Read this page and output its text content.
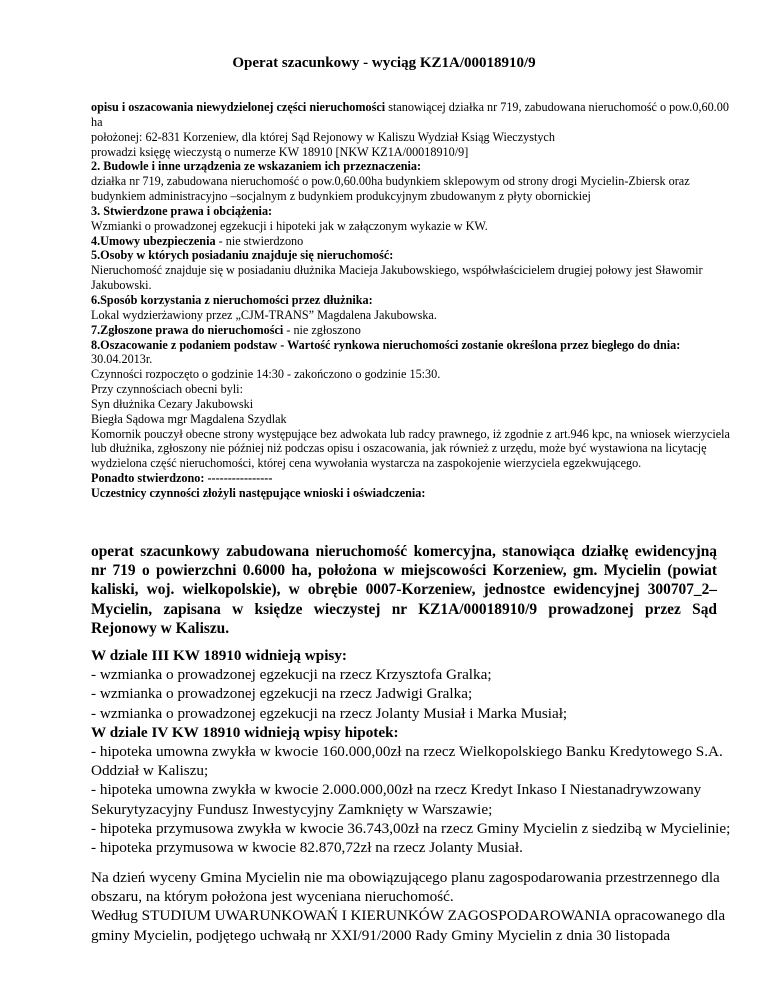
Operat szacunkowy - wyciąg KZ1A/00018910/9

opisu i oszacowania niewydzielonej części nieruchomości stanowiącej działka nr 719, zabudowana nieruchomość o pow.0,60.00 ha

położonej: 62-831 Korzeniew, dla której Sąd Rejonowy w Kaliszu Wydział Ksiąg Wieczystych

prowadzi księgę wieczystą o numerze KW 18910 [NKW KZ1A/00018910/9]

2. Budowle i inne urządzenia ze wskazaniem ich przeznaczenia:

działka nr 719, zabudowana nieruchomość o pow.0,60.00ha budynkiem sklepowym od strony drogi Mycielin-Zbiersk oraz budynkiem administracyjno –socjalnym z budynkiem produkcyjnym zbudowanym z płyty obornickiej

3. Stwierdzone prawa i obciążenia:

Wzmianki o prowadzonej egzekucji i hipoteki jak w załączonym wykazie w KW.

4.Umowy ubezpieczenia - nie stwierdzono

5.Osoby w których posiadaniu znajduje się nieruchomość:

Nieruchomość znajduje się w posiadaniu dłużnika Macieja Jakubowskiego, współwłaścicielem drugiej połowy jest Sławomir Jakubowski.

6.Sposób korzystania z nieruchomości przez dłużnika:

Lokal wydzierżawiony przez „CJM-TRANS” Magdalena Jakubowska.

7.Zgłoszone prawa do nieruchomości - nie zgłoszono

8.Oszacowanie z podaniem podstaw - Wartość rynkowa nieruchomości zostanie określona przez biegłego do dnia:

30.04.2013r.

Czynności rozpoczęto o godzinie 14:30 - zakończono o godzinie 15:30.

Przy czynnościach obecni byli:

Syn dłużnika Cezary Jakubowski

Biegła Sądowa mgr Magdalena Szydlak

Komornik pouczył obecne strony występujące bez adwokata lub radcy prawnego, iż zgodnie z art.946 kpc, na wniosek wierzyciela lub dłużnika, zgłoszony nie później niż podczas opisu i oszacowania, jak również z urzędu, może być wystawiona na licytację wydzielona część nieruchomości, której cena wywołania wystarcza na zaspokojenie wierzyciela egzekwującego.

Ponadto stwierdzono: ----------------

Uczestnicy czynności złożyli następujące wnioski i oświadczenia:

operat szacunkowy zabudowana nieruchomość komercyjna, stanowiąca działkę ewidencyjną nr 719 o powierzchni 0.6000 ha, położona w miejscowości Korzeniew, gm. Mycielin (powiat kaliski, woj. wielkopolskie), w obrębie 0007-Korzeniew, jednostce ewidencyjnej 300707_2–Mycielin, zapisana w księdze wieczystej nr KZ1A/00018910/9 prowadzonej przez Sąd Rejonowy w Kaliszu.

W dziale III KW 18910 widnieją wpisy:

- wzmianka o prowadzonej egzekucji na rzecz Krzysztofa Gralka;

- wzmianka o prowadzonej egzekucji na rzecz Jadwigi Gralka;

- wzmianka o prowadzonej egzekucji na rzecz Jolanty Musiał i Marka Musiał;

W dziale IV KW 18910 widnieją wpisy hipotek:

- hipoteka umowna zwykła w kwocie 160.000,00zł na rzecz Wielkopolskiego Banku Kredytowego S.A. Oddział w Kaliszu;

- hipoteka umowna zwykła w kwocie 2.000.000,00zł na rzecz Kredyt Inkaso I Niestanadrywzowany Sekurytyzacyjny Fundusz Inwestycyjny Zamknięty w Warszawie;

- hipoteka przymusowa zwykła w kwocie 36.743,00zł na rzecz Gminy Mycielin z siedzibą w Mycielinie;

- hipoteka przymusowa w kwocie 82.870,72zł na rzecz Jolanty Musiał.

Na dzień wyceny Gmina Mycielin nie ma obowiązującego planu zagospodarowania przestrzennego dla obszaru, na którym położona jest wyceniana nieruchomość.

Według STUDIUM UWARUNKOWAŃ I KIERUNKÓW ZAGOSPODAROWANIA opracowanego dla gminy Mycielin, podjętego uchwałą nr XXI/91/2000 Rady Gminy Mycielin z dnia 30 listopada
